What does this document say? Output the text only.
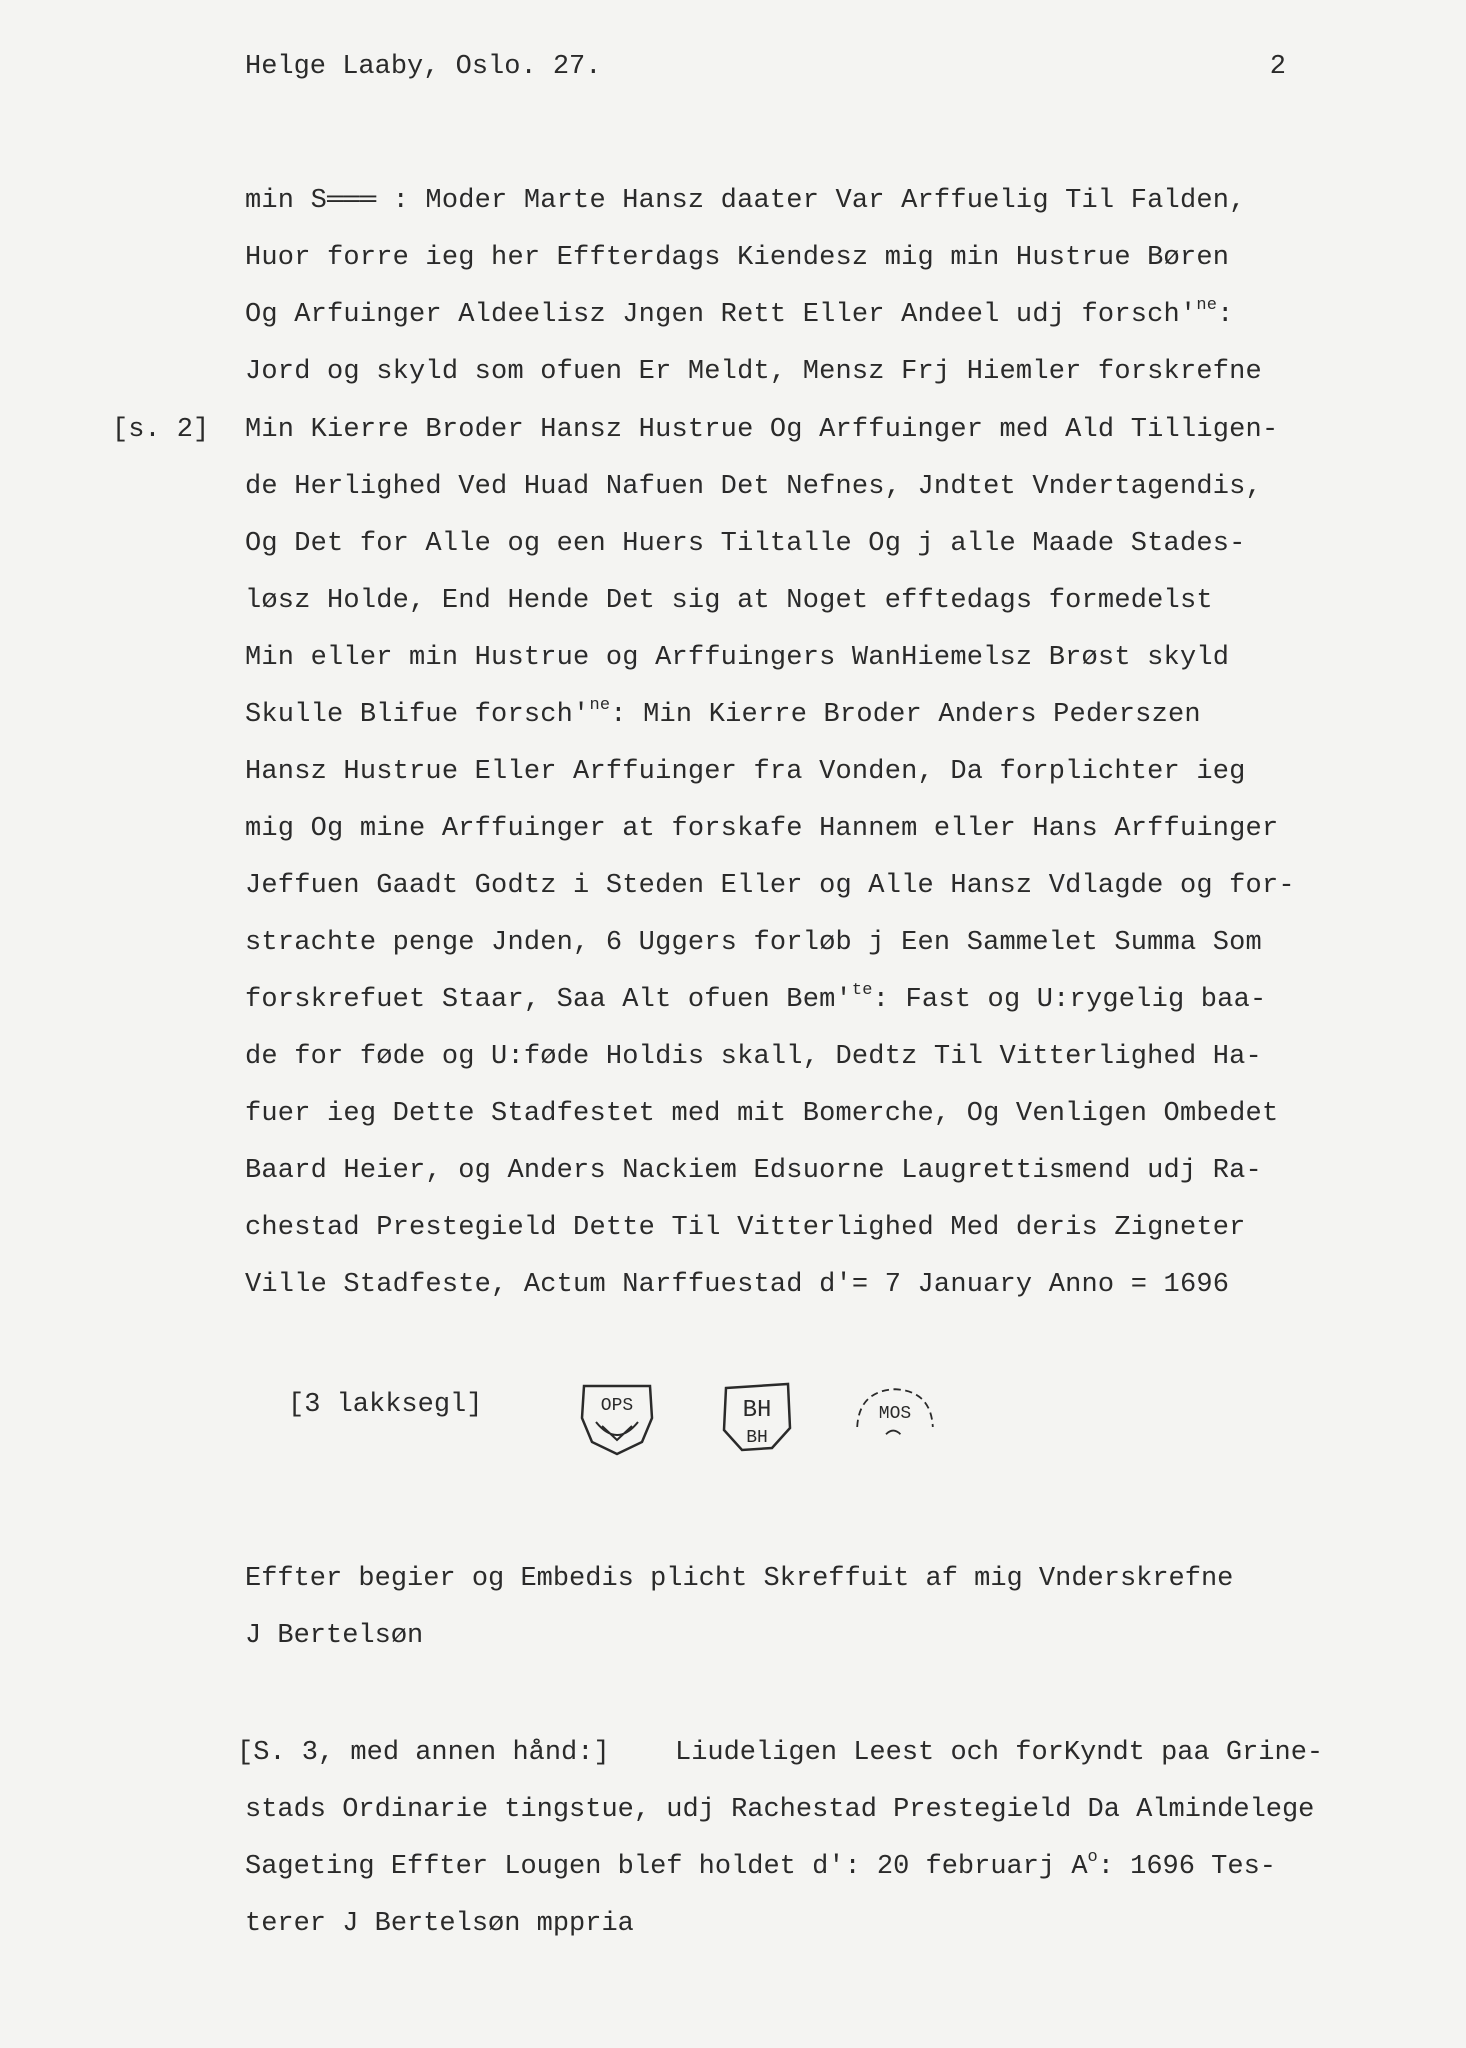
Helge Laaby, Oslo. 27.	2
[s. 2]
min S═══ : Moder Marte Hansz daater Var Arffuelig Til Falden,
Huor forre ieg her Effterdags Kiendesz mig min Hustrue Børen
Og Arfuinger Aldeelisz Jngen Rett Eller Andeel udj $forsch'^{ne}$:
Jord og skyld som ofuen Er Meldt, Mensz Frj Hiemler forskrefne
Min Kierre Broder Hansz Hustrue Og Arffuinger med Ald Tilligen-
de Herlighed Ved Huad Nafuen Det Nefnes, Jndtet Vndertagendis,
Og Det for Alle og een Huers Tiltalle Og j alle Maade Stades-
løsz Holde, End Hende Det sig at Noget efftedags formedelst
Min eller min Hustrue og Arffuingers WanHiemelsz Brøst skyld
Skulle Blifue $forsch'^{ne}$: Min Kierre Broder Anders Pederszen
Hansz Hustrue Eller Arffuinger fra Vonden, Da forplichter ieg
mig Og mine Arffuinger at forskafe Hannem eller Hans Arffuinger
Jeffuen Gaadt Godtz i Steden Eller og Alle Hansz Vdlagde og for-
strachte penge Jnden, 6 Uggers forløb j Een Sammelet Summa Som
forskrefuet Staar, Saa Alt ofuen $Bem'^{te}$: Fast og U:rygelig baa-
de for føde og U:føde Holdis skall, Dedtz Til Vitterlighed Ha-
fuer ieg Dette Stadfestet med mit Bomerche, Og Venligen Ombedet
Baard Heier, og Anders Nackiem Edsuorne Laugrettismend udj Ra-
chestad Prestegield Dette Til Vitterlighed Med deris Zigneter
Ville Stadfeste, Actum Narffuestad d'= 7 January Anno = 1696
[3 lakksegl]	OPS	BH
BH
MOS
Effter begier og Embedis plicht Skreffuit af mig Vnderskrefne
J Bertelsøn
[S. 3, med annen hånd:] Liudeligen Leest och forKyndt paa Grine-
stads Ordinarie tingstue, udj Rachestad Prestegield Da Almindelege
Sageting Effter Lougen blef holdet d': 20 februarj $A^o$: 1696 Tes-
terer J Bertelsøn mppria
